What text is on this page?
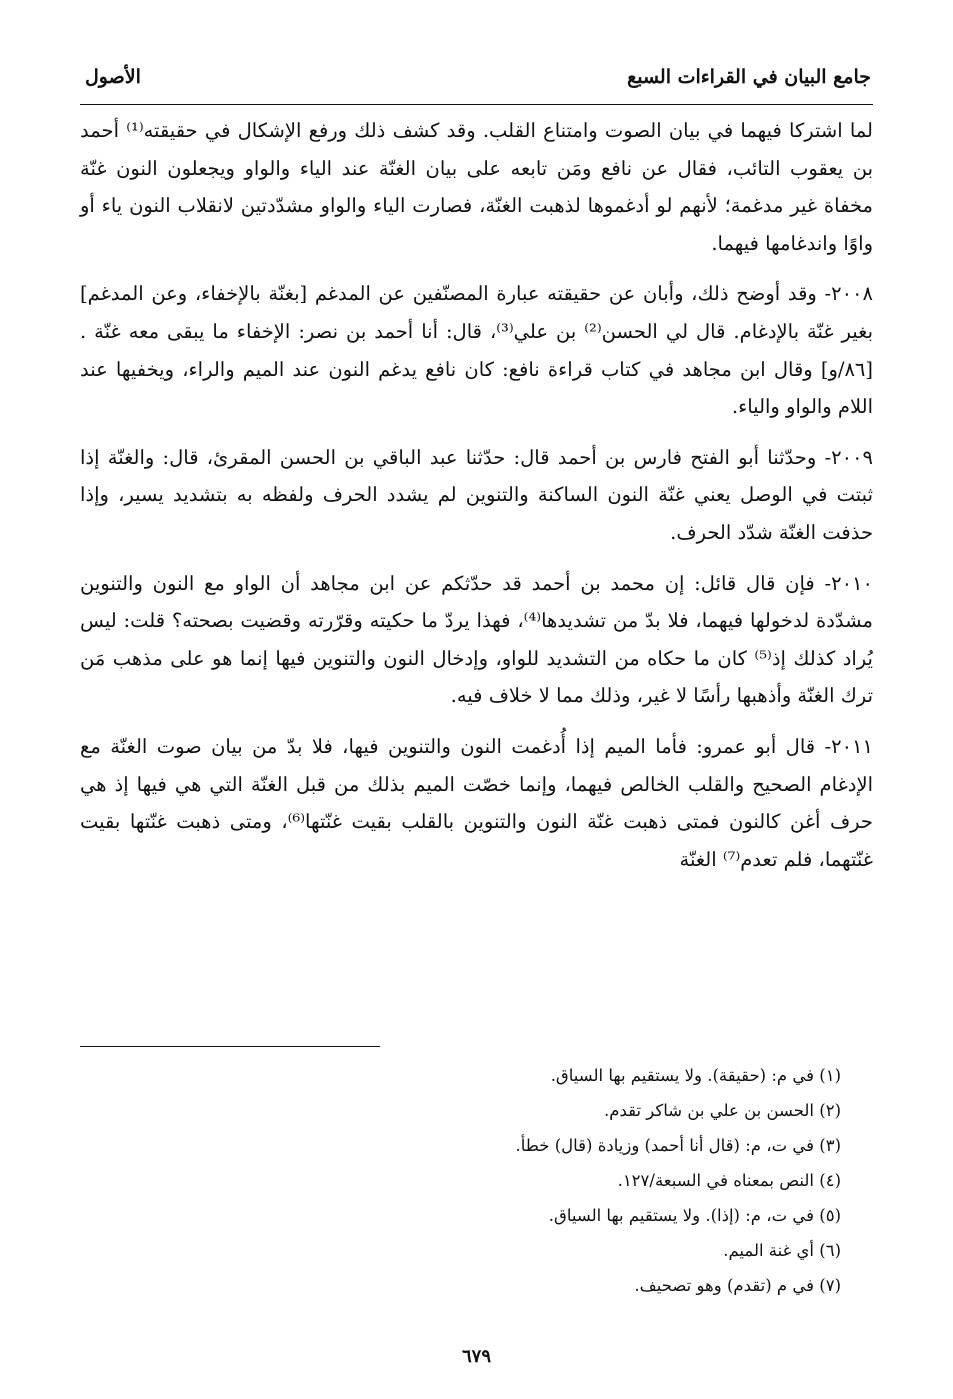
جامع البيان في القراءات السبع
الأصول

لما اشتركا فيهما في بيان الصوت وامتناع القلب. وقد كشف ذلك ورفع الإشكال في حقيقته⁽¹⁾ أحمد بن يعقوب التائب، فقال عن نافع ومَن تابعه على بيان الغنّة عند الياء والواو ويجعلون النون غنّة مخفاة غير مدغمة؛ لأنهم لو أدغموها لذهبت الغنّة، فصارت الياء والواو مشدّدتين لانقلاب النون ياء أو واوًا واندغامها فيهما.

٢٠٠٨- وقد أوضح ذلك، وأبان عن حقيقته عبارة المصنّفين عن المدغم [بغنّة بالإخفاء، وعن المدغم] بغير غنّة بالإدغام. قال لي الحسن⁽²⁾ بن علي⁽³⁾، قال: أنا أحمد بن نصر: الإخفاء ما يبقى معه غنّة .[٨٦/و] وقال ابن مجاهد في كتاب قراءة نافع: كان نافع يدغم النون عند الميم والراء، ويخفيها عند اللام والواو والياء.

٢٠٠٩- وحدّثنا أبو الفتح فارس بن أحمد قال: حدّثنا عبد الباقي بن الحسن المقرئ، قال: والغنّة إذا ثبتت في الوصل يعني غنّة النون الساكنة والتنوين لم يشدد الحرف ولفظه به بتشديد يسير، وإذا حذفت الغنّة شدّد الحرف.

٢٠١٠- فإن قال قائل: إن محمد بن أحمد قد حدّثكم عن ابن مجاهد أن الواو مع النون والتنوين مشدّدة لدخولها فيهما، فلا بدّ من تشديدها⁽⁴⁾، فهذا يردّ ما حكيته وقرّرته وقضيت بصحته؟ قلت: ليس يُراد كذلك إذ⁽⁵⁾ كان ما حكاه من التشديد للواو، وإدخال النون والتنوين فيها إنما هو على مذهب مَن ترك الغنّة وأذهبها رأسًا لا غير، وذلك مما لا خلاف فيه.

٢٠١١- قال أبو عمرو: فأما الميم إذا أُدغمت النون والتنوين فيها، فلا بدّ من بيان صوت الغنّة مع الإدغام الصحيح والقلب الخالص فيهما، وإنما خصّت الميم بذلك من قبل الغنّة التي هي فيها إذ هي حرف أغن كالنون فمتى ذهبت غنّة النون والتنوين بالقلب بقيت غنّتها⁽⁶⁾، ومتى ذهبت غنّتها بقيت غنّتهما، فلم تعدم⁽⁷⁾ الغنّة

(١) في م: (حقيقة). ولا يستقيم بها السياق.

(٢) الحسن بن علي بن شاكر تقدم.

(٣) في ت، م: (قال أنا أحمد) وزيادة (قال) خطأ.

(٤) النص بمعناه في السبعة/١٢٧.

(٥) في ت، م: (إذا). ولا يستقيم بها السياق.

(٦) أي غنة الميم.

(٧) في م (تقدم) وهو تصحيف.

٦٧٩
